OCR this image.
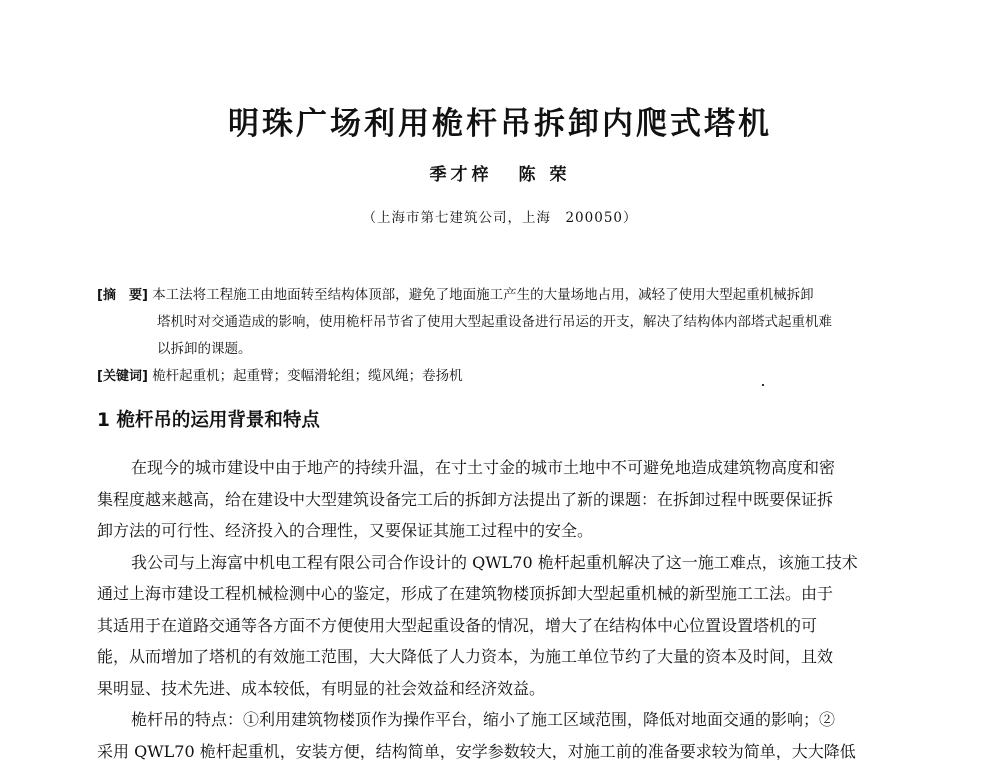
明珠广场利用桅杆吊拆卸内爬式塔机
季才梓 陈 荣
（上海市第七建筑公司，上海　200050）
[摘　要] 本工法将工程施工由地面转至结构体顶部，避免了地面施工产生的大量场地占用，减轻了使用大型起重机械拆卸
塔机时对交通造成的影响，使用桅杆吊节省了使用大型起重设备进行吊运的开支，解决了结构体内部塔式起重机难
以拆卸的课题。
[关键词] 桅杆起重机；起重臂；变幅滑轮组；缆风绳；卷扬机
1 桅杆吊的运用背景和特点
在现今的城市建设中由于地产的持续升温，在寸土寸金的城市土地中不可避免地造成建筑物高度和密
集程度越来越高，给在建设中大型建筑设备完工后的拆卸方法提出了新的课题：在拆卸过程中既要保证拆
卸方法的可行性、经济投入的合理性，又要保证其施工过程中的安全。
我公司与上海富中机电工程有限公司合作设计的 QWL70 桅杆起重机解决了这一施工难点，该施工技术
通过上海市建设工程机械检测中心的鉴定，形成了在建筑物楼顶拆卸大型起重机械的新型施工工法。由于
其适用于在道路交通等各方面不方便使用大型起重设备的情况，增大了在结构体中心位置设置塔机的可
能，从而增加了塔机的有效施工范围，大大降低了人力资本，为施工单位节约了大量的资本及时间，且效
果明显、技术先进、成本较低，有明显的社会效益和经济效益。
桅杆吊的特点：①利用建筑物楼顶作为操作平台，缩小了施工区域范围，降低对地面交通的影响；②
采用 QWL70 桅杆起重机，安装方便，结构简单，安学参数较大，对施工前的准备要求较为简单，大大降低
